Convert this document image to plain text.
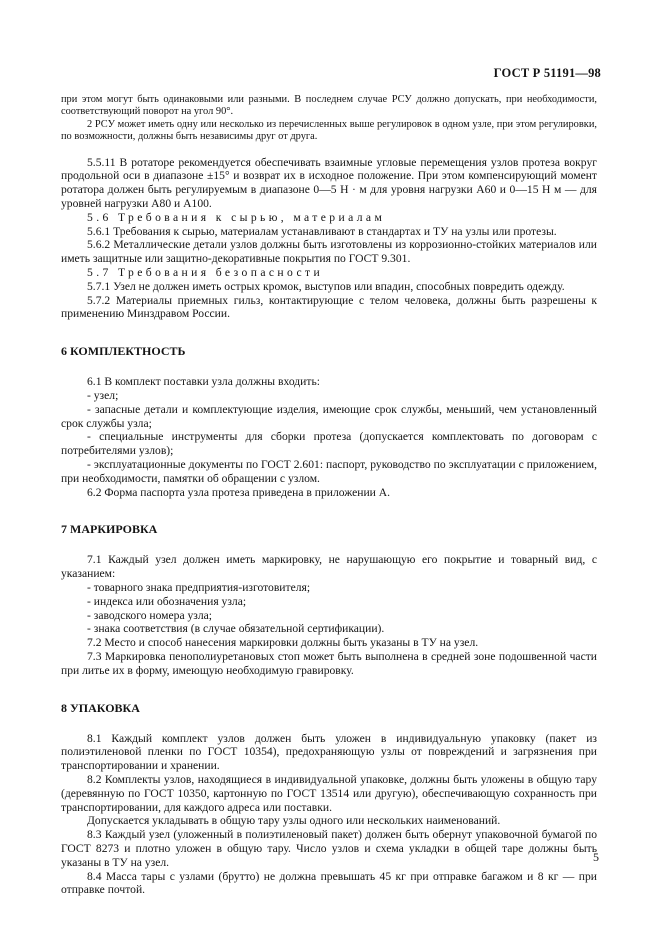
ГОСТ Р 51191—98

при этом могут быть одинаковыми или разными. В последнем случае РСУ должно допускать, при необходимости, соответствующий поворот на угол 90°.

2 РСУ может иметь одну или несколько из перечисленных выше регулировок в одном узле, при этом регулировки, по возможности, должны быть независимы друг от друга.

5.5.11 В ротаторе рекомендуется обеспечивать взаимные угловые перемещения узлов протеза вокруг продольной оси в диапазоне ±15° и возврат их в исходное положение. При этом компенсирующий момент ротатора должен быть регулируемым в диапазоне 0—5 Н · м для уровня нагрузки А60 и 0—15 Н м — для уровней нагрузки А80 и А100.

5.6 Требования к сырью, материалам

5.6.1 Требования к сырью, материалам устанавливают в стандартах и ТУ на узлы или протезы.

5.6.2 Металлические детали узлов должны быть изготовлены из коррозионно-стойких материалов или иметь защитные или защитно-декоративные покрытия по ГОСТ 9.301.

5.7 Требования безопасности

5.7.1 Узел не должен иметь острых кромок, выступов или впадин, способных повредить одежду.

5.7.2 Материалы приемных гильз, контактирующие с телом человека, должны быть разрешены к применению Минздравом России.

6 КОМПЛЕКТНОСТЬ

6.1 В комплект поставки узла должны входить:

- узел;

- запасные детали и комплектующие изделия, имеющие срок службы, меньший, чем установленный срок службы узла;

- специальные инструменты для сборки протеза (допускается комплектовать по договорам с потребителями узлов);

- эксплуатационные документы по ГОСТ 2.601: паспорт, руководство по эксплуатации с приложением, при необходимости, памятки об обращении с узлом.

6.2 Форма паспорта узла протеза приведена в приложении А.

7 МАРКИРОВКА

7.1 Каждый узел должен иметь маркировку, не нарушающую его покрытие и товарный вид, с указанием:

- товарного знака предприятия-изготовителя;

- индекса или обозначения узла;

- заводского номера узла;

- знака соответствия (в случае обязательной сертификации).

7.2 Место и способ нанесения маркировки должны быть указаны в ТУ на узел.

7.3 Маркировка пенополиуретановых стоп может быть выполнена в средней зоне подошвенной части при литье их в форму, имеющую необходимую гравировку.

8 УПАКОВКА

8.1 Каждый комплект узлов должен быть уложен в индивидуальную упаковку (пакет из полиэтиленовой пленки по ГОСТ 10354), предохраняющую узлы от повреждений и загрязнения при транспортировании и хранении.

8.2 Комплекты узлов, находящиеся в индивидуальной упаковке, должны быть уложены в общую тару (деревянную по ГОСТ 10350, картонную по ГОСТ 13514 или другую), обеспечивающую сохранность при транспортировании, для каждого адреса или поставки.

Допускается укладывать в общую тару узлы одного или нескольких наименований.

8.3 Каждый узел (уложенный в полиэтиленовый пакет) должен быть обернут упаковочной бумагой по ГОСТ 8273 и плотно уложен в общую тару. Число узлов и схема укладки в общей таре должны быть указаны в ТУ на узел.

8.4 Масса тары с узлами (брутто) не должна превышать 45 кг при отправке багажом и 8 кг — при отправке почтой.

5
